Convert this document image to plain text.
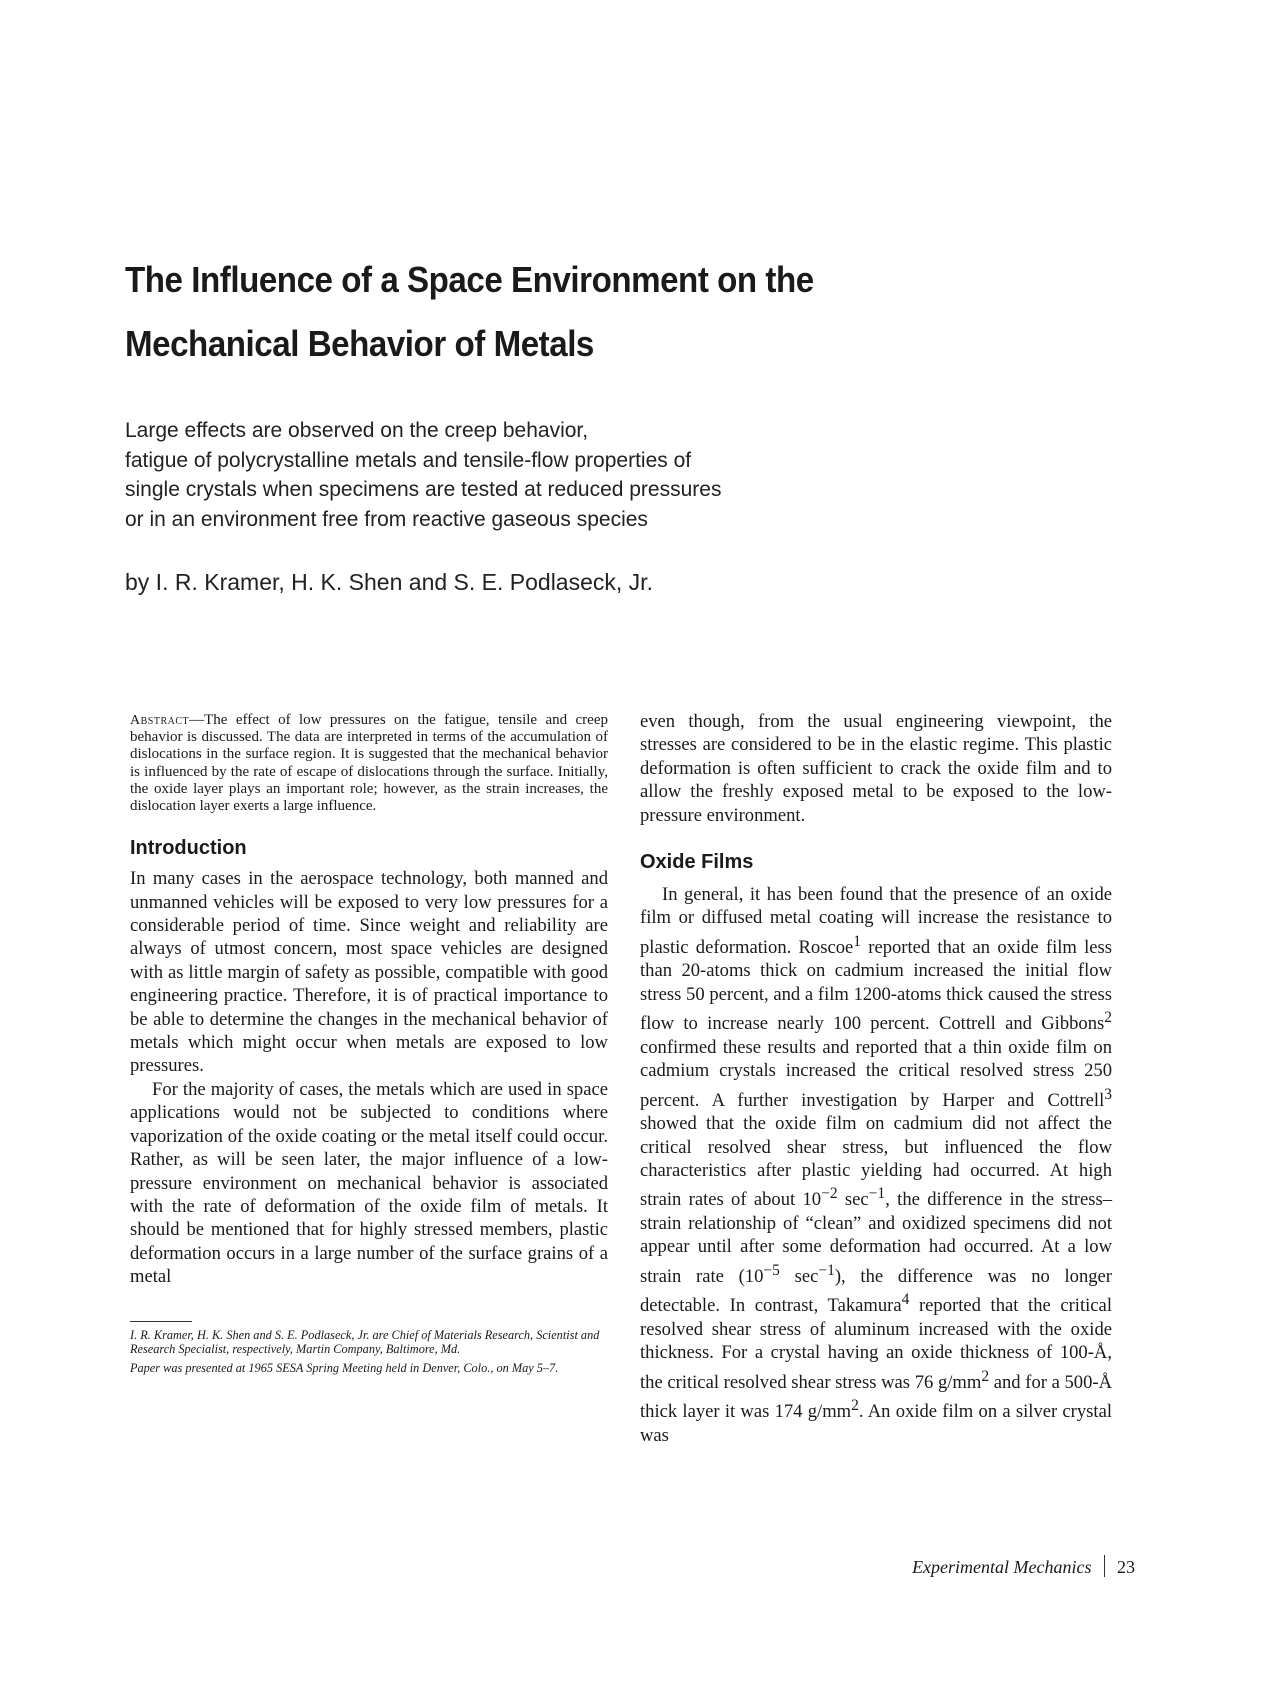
The Influence of a Space Environment on the
Mechanical Behavior of Metals
Large effects are observed on the creep behavior,
fatigue of polycrystalline metals and tensile-flow properties of
single crystals when specimens are tested at reduced pressures
or in an environment free from reactive gaseous species
by I. R. Kramer, H. K. Shen and S. E. Podlaseck, Jr.

Abstract—The effect of low pressures on the fatigue, tensile and creep behavior is discussed. The data are interpreted in terms of the accumulation of dislocations in the surface region. It is suggested that the mechanical behavior is influenced by the rate of escape of dislocations through the surface. Initially, the oxide layer plays an important role; however, as the strain increases, the dislocation layer exerts a large influence.

Introduction

In many cases in the aerospace technology, both manned and unmanned vehicles will be exposed to very low pressures for a considerable period of time. Since weight and reliability are always of utmost concern, most space vehicles are designed with as little margin of safety as possible, compatible with good engineering practice. Therefore, it is of practical importance to be able to determine the changes in the mechanical behavior of metals which might occur when metals are exposed to low pressures.

For the majority of cases, the metals which are used in space applications would not be subjected to conditions where vaporization of the oxide coating or the metal itself could occur. Rather, as will be seen later, the major influence of a low-pressure environment on mechanical behavior is associated with the rate of deformation of the oxide film of metals. It should be mentioned that for highly stressed members, plastic deformation occurs in a large number of the surface grains of a metal

I. R. Kramer, H. K. Shen and S. E. Podlaseck, Jr. are Chief of Materials Research, Scientist and Research Specialist, respectively, Martin Company, Baltimore, Md.

Paper was presented at 1965 SESA Spring Meeting held in Denver, Colo., on May 5–7.

even though, from the usual engineering viewpoint, the stresses are considered to be in the elastic regime. This plastic deformation is often sufficient to crack the oxide film and to allow the freshly exposed metal to be exposed to the low-pressure environment.

Oxide Films

In general, it has been found that the presence of an oxide film or diffused metal coating will increase the resistance to plastic deformation. Roscoe$^1$ reported that an oxide film less than 20-atoms thick on cadmium increased the initial flow stress 50 percent, and a film 1200-atoms thick caused the stress flow to increase nearly 100 percent. Cottrell and Gibbons$^2$ confirmed these results and reported that a thin oxide film on cadmium crystals increased the critical resolved stress 250 percent. A further investigation by Harper and Cottrell$^3$ showed that the oxide film on cadmium did not affect the critical resolved shear stress, but influenced the flow characteristics after plastic yielding had occurred. At high strain rates of about $10^{-2}$ $\sec^{-1}$, the difference in the stress–strain relationship of “clean” and oxidized specimens did not appear until after some deformation had occurred. At a low strain rate ($10^{-5}$ $\sec^{-1}$), the difference was no longer detectable. In contrast, Takamura$^4$ reported that the critical resolved shear stress of aluminum increased with the oxide thickness. For a crystal having an oxide thickness of 100-Å, the critical resolved shear stress was 76 $g/mm^2$ and for a 500-Å thick layer it was 174 $g/mm^2$. An oxide film on a silver crystal was

Experimental Mechanics 23
